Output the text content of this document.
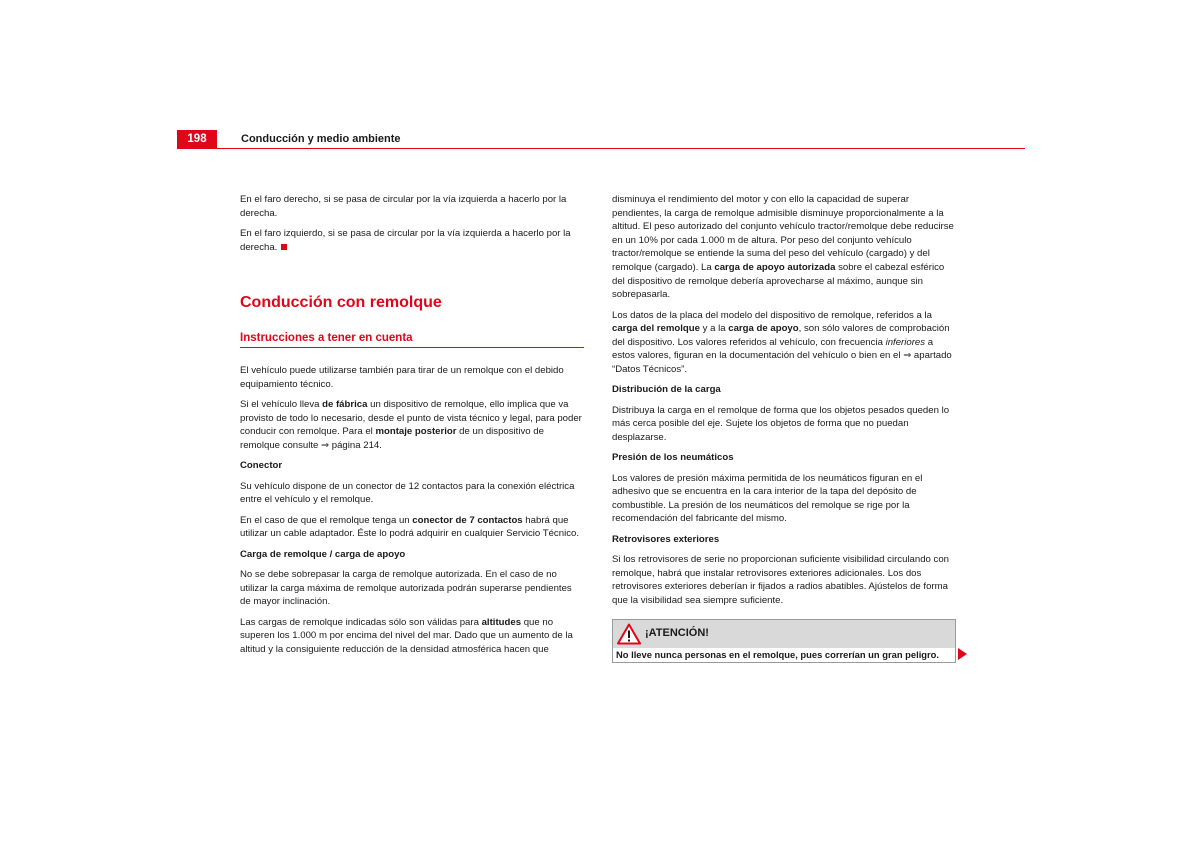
198	Conducción y medio ambiente

En el faro derecho, si se pasa de circular por la vía izquierda a hacerlo por la derecha.

En el faro izquierdo, si se pasa de circular por la vía izquierda a hacerlo por la derecha.

Conducción con remolque
Instrucciones a tener en cuenta

El vehículo puede utilizarse también para tirar de un remolque con el debido equipamiento técnico.

Si el vehículo lleva de fábrica un dispositivo de remolque, ello implica que va provisto de todo lo necesario, desde el punto de vista técnico y legal, para poder conducir con remolque. Para el montaje posterior de un dispositivo de remolque consulte ⇒ página 214.

Conector

Su vehículo dispone de un conector de 12 contactos para la conexión eléctrica entre el vehículo y el remolque.

En el caso de que el remolque tenga un conector de 7 contactos habrá que utilizar un cable adaptador. Éste lo podrá adquirir en cualquier Servicio Técnico.

Carga de remolque / carga de apoyo

No se debe sobrepasar la carga de remolque autorizada. En el caso de no utilizar la carga máxima de remolque autorizada podrán superarse pendientes de mayor inclinación.

Las cargas de remolque indicadas sólo son válidas para altitudes que no superen los 1.000 m por encima del nivel del mar. Dado que un aumento de la altitud y la consiguiente reducción de la densidad atmosférica hacen que

disminuya el rendimiento del motor y con ello la capacidad de superar pendientes, la carga de remolque admisible disminuye proporcionalmente a la altitud. El peso autorizado del conjunto vehículo tractor/remolque debe reducirse en un 10% por cada 1.000 m de altura. Por peso del conjunto vehículo tractor/remolque se entiende la suma del peso del vehículo (cargado) y del remolque (cargado). La carga de apoyo autorizada sobre el cabezal esférico del dispositivo de remolque debería aprovecharse al máximo, aunque sin sobrepasarla.

Los datos de la placa del modelo del dispositivo de remolque, referidos a la carga del remolque y a la carga de apoyo, son sólo valores de comprobación del dispositivo. Los valores referidos al vehículo, con frecuencia inferiores a estos valores, figuran en la documentación del vehículo o bien en el ⇒ apartado “Datos Técnicos”.

Distribución de la carga

Distribuya la carga en el remolque de forma que los objetos pesados queden lo más cerca posible del eje. Sujete los objetos de forma que no puedan desplazarse.

Presión de los neumáticos

Los valores de presión máxima permitida de los neumáticos figuran en el adhesivo que se encuentra en la cara interior de la tapa del depósito de combustible. La presión de los neumáticos del remolque se rige por la recomendación del fabricante del mismo.

Retrovisores exteriores

Si los retrovisores de serie no proporcionan suficiente visibilidad circulando con remolque, habrá que instalar retrovisores exteriores adicionales. Los dos retrovisores exteriores deberían ir fijados a radios abatibles. Ajústelos de forma que la visibilidad sea siempre suficiente.

¡ATENCIÓN!
No lleve nunca personas en el remolque, pues correrían un gran peligro.
